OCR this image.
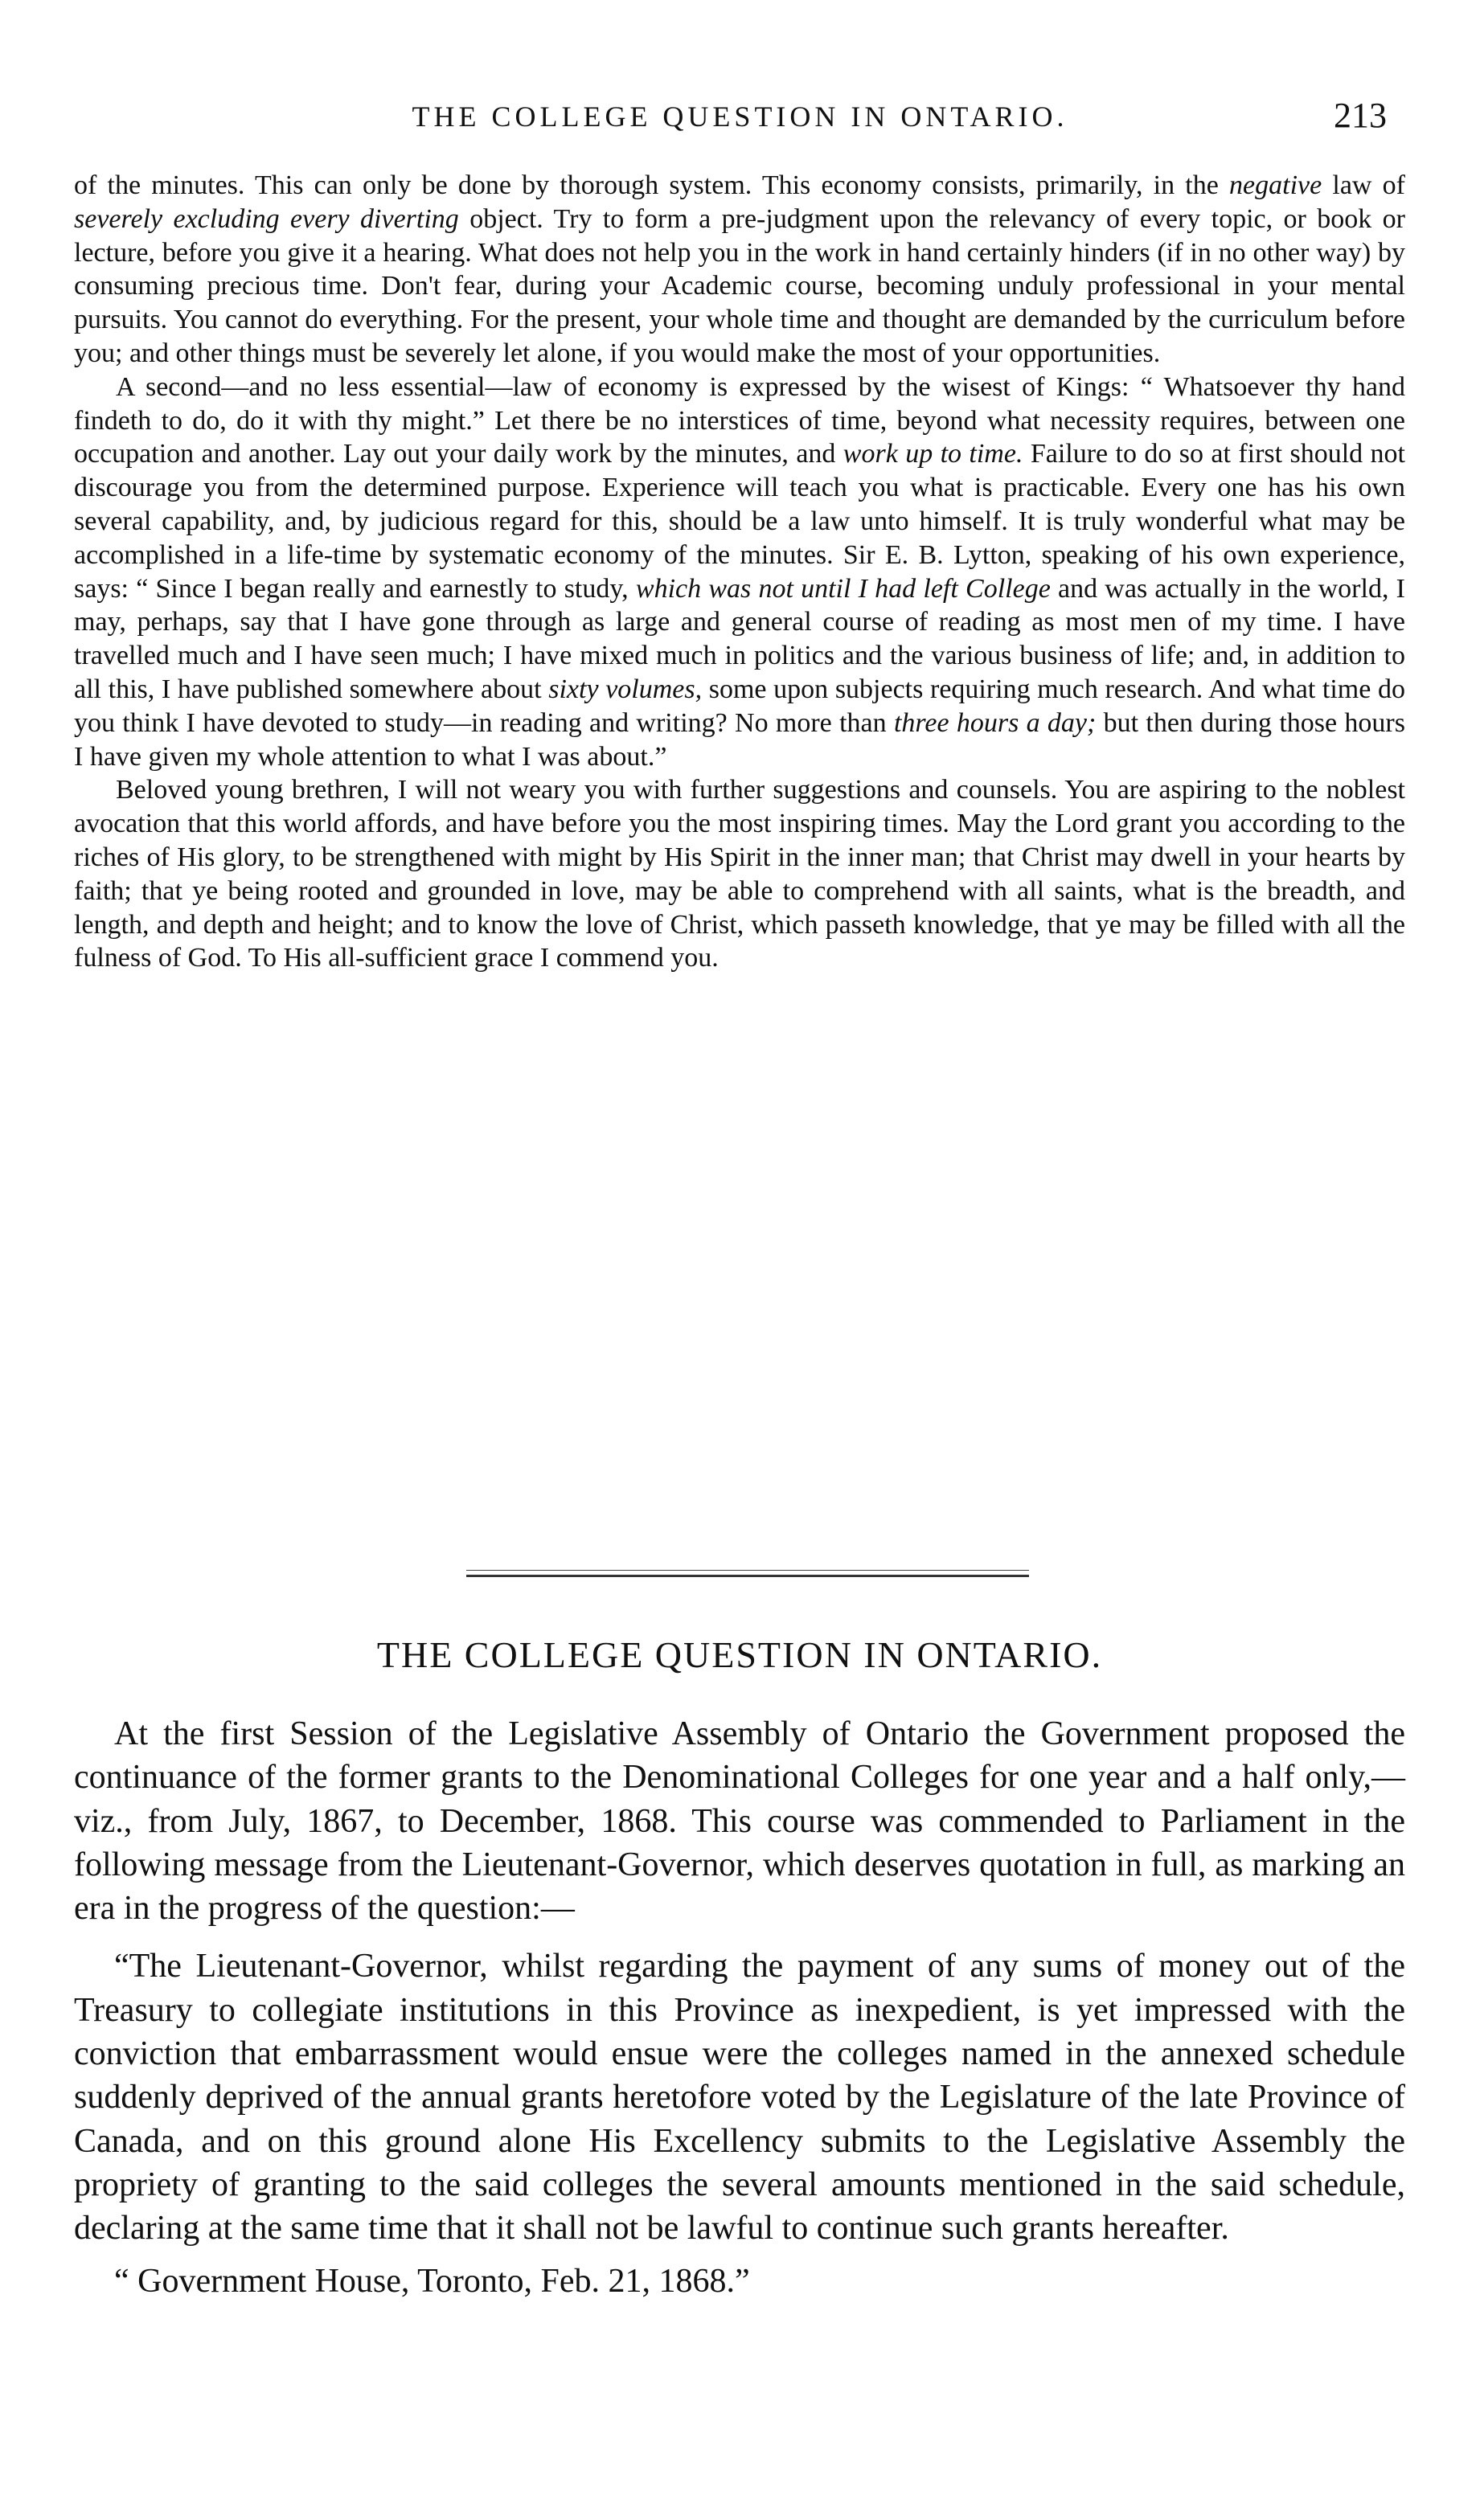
THE COLLEGE QUESTION IN ONTARIO.	213

of the minutes. This can only be done by thorough system. This economy consists, primarily, in the negative law of severely excluding every diverting object. Try to form a pre-judgment upon the relevancy of every topic, or book or lecture, before you give it a hearing. What does not help you in the work in hand certainly hinders (if in no other way) by consuming precious time. Don't fear, during your Academic course, becoming unduly professional in your mental pursuits. You cannot do everything. For the present, your whole time and thought are demanded by the curriculum before you; and other things must be severely let alone, if you would make the most of your opportunities.

A second—and no less essential—law of economy is expressed by the wisest of Kings: “ Whatsoever thy hand findeth to do, do it with thy might.” Let there be no interstices of time, beyond what necessity requires, between one occupation and another. Lay out your daily work by the minutes, and work up to time. Failure to do so at first should not discourage you from the determined purpose. Experience will teach you what is practicable. Every one has his own several capability, and, by judicious regard for this, should be a law unto himself. It is truly wonderful what may be accomplished in a life-time by systematic economy of the minutes. Sir E. B. Lytton, speaking of his own experience, says: “ Since I began really and earnestly to study, which was not until I had left College and was actually in the world, I may, perhaps, say that I have gone through as large and general course of reading as most men of my time. I have travelled much and I have seen much; I have mixed much in politics and the various business of life; and, in addition to all this, I have published somewhere about sixty volumes, some upon subjects requiring much research. And what time do you think I have devoted to study—in reading and writing? No more than three hours a day; but then during those hours I have given my whole attention to what I was about.”

Beloved young brethren, I will not weary you with further suggestions and counsels. You are aspiring to the noblest avocation that this world affords, and have before you the most inspiring times. May the Lord grant you according to the riches of His glory, to be strengthened with might by His Spirit in the inner man; that Christ may dwell in your hearts by faith; that ye being rooted and grounded in love, may be able to comprehend with all saints, what is the breadth, and length, and depth and height; and to know the love of Christ, which passeth knowledge, that ye may be filled with all the fulness of God. To His all-sufficient grace I commend you.

THE COLLEGE QUESTION IN ONTARIO.

At the first Session of the Legislative Assembly of Ontario the Government proposed the continuance of the former grants to the Denominational Colleges for one year and a half only,—viz., from July, 1867, to December, 1868. This course was commended to Parliament in the following message from the Lieutenant-Governor, which deserves quotation in full, as marking an era in the progress of the question:—

“The Lieutenant-Governor, whilst regarding the payment of any sums of money out of the Treasury to collegiate institutions in this Province as inexpedient, is yet impressed with the conviction that embarrassment would ensue were the colleges named in the annexed schedule suddenly deprived of the annual grants heretofore voted by the Legislature of the late Province of Canada, and on this ground alone His Excellency submits to the Legislative Assembly the propriety of granting to the said colleges the several amounts mentioned in the said schedule, declaring at the same time that it shall not be lawful to continue such grants hereafter.

“ Government House, Toronto, Feb. 21, 1868.”
